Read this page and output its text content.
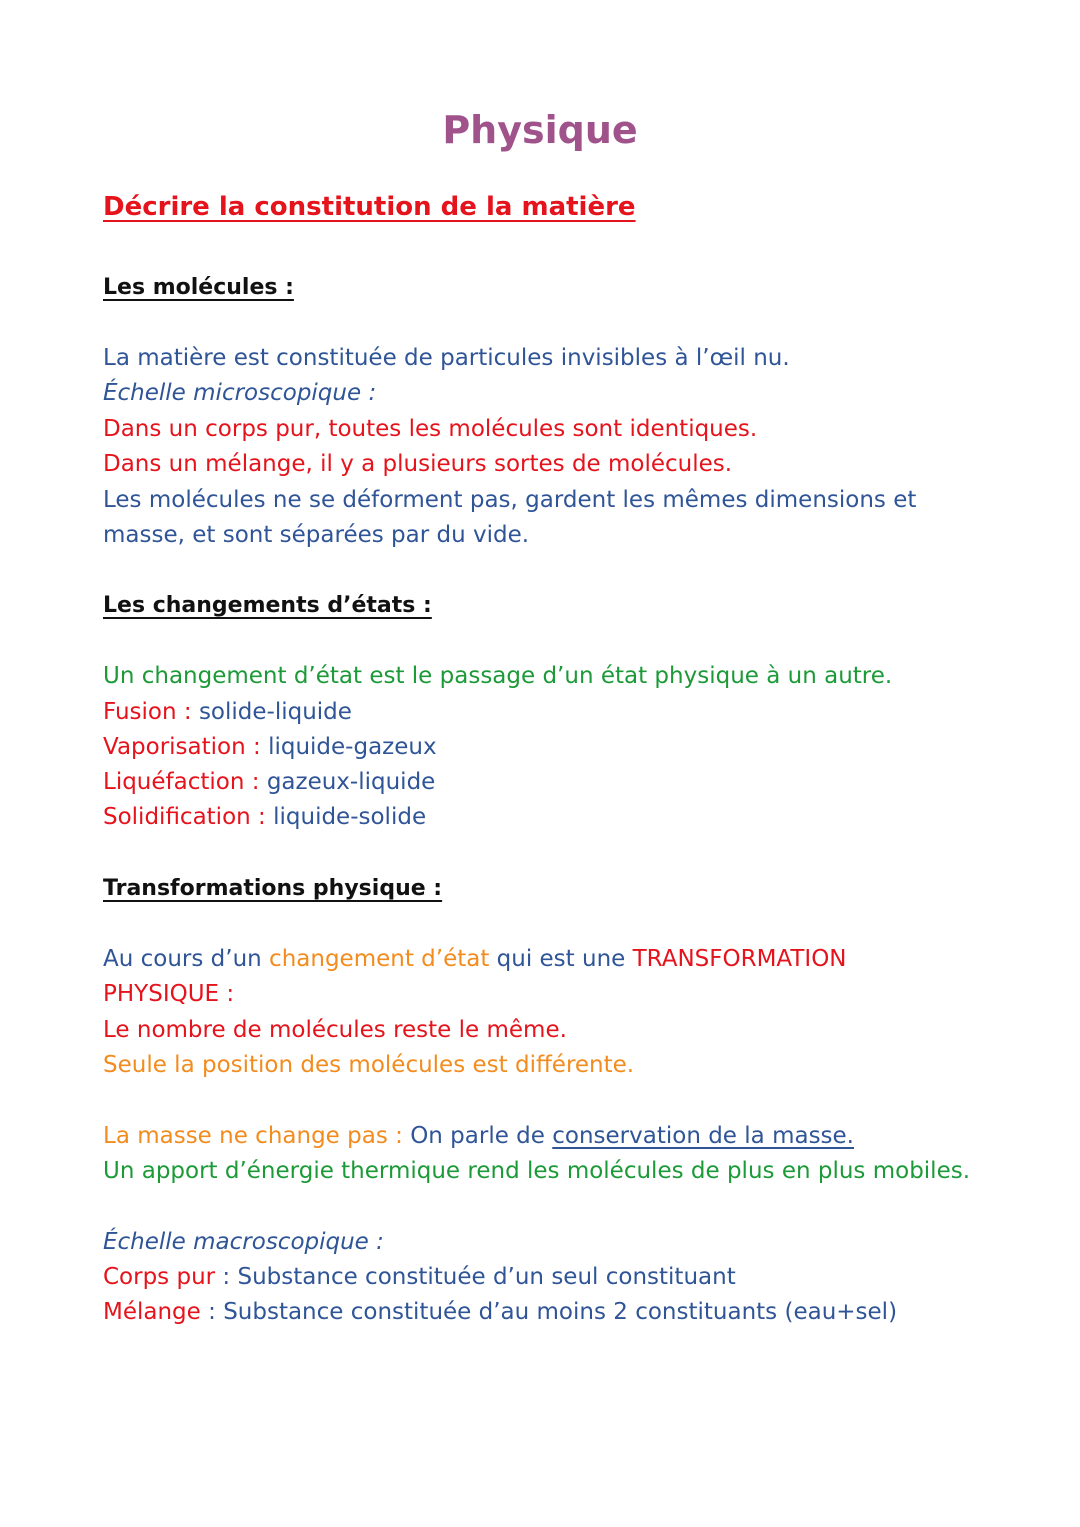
Physique
Décrire la constitution de la matière
Les molécules :

La matière est constituée de particules invisibles à l’œil nu.

Échelle microscopique :

Dans un corps pur, toutes les molécules sont identiques.

Dans un mélange, il y a plusieurs sortes de molécules.

Les molécules ne se déforment pas, gardent les mêmes dimensions et

masse, et sont séparées par du vide.

Les changements d’états :

Un changement d’état est le passage d’un état physique à un autre.

Fusion : solide-liquide

Vaporisation : liquide-gazeux

Liquéfaction : gazeux-liquide

Solidification : liquide-solide

Transformations physique :

Au cours d’un changement d’état qui est une TRANSFORMATION

PHYSIQUE :

Le nombre de molécules reste le même.

Seule la position des molécules est différente.

La masse ne change pas : On parle de conservation de la masse.

Un apport d’énergie thermique rend les molécules de plus en plus mobiles.

Échelle macroscopique :

Corps pur : Substance constituée d’un seul constituant

Mélange : Substance constituée d’au moins 2 constituants (eau+sel)
